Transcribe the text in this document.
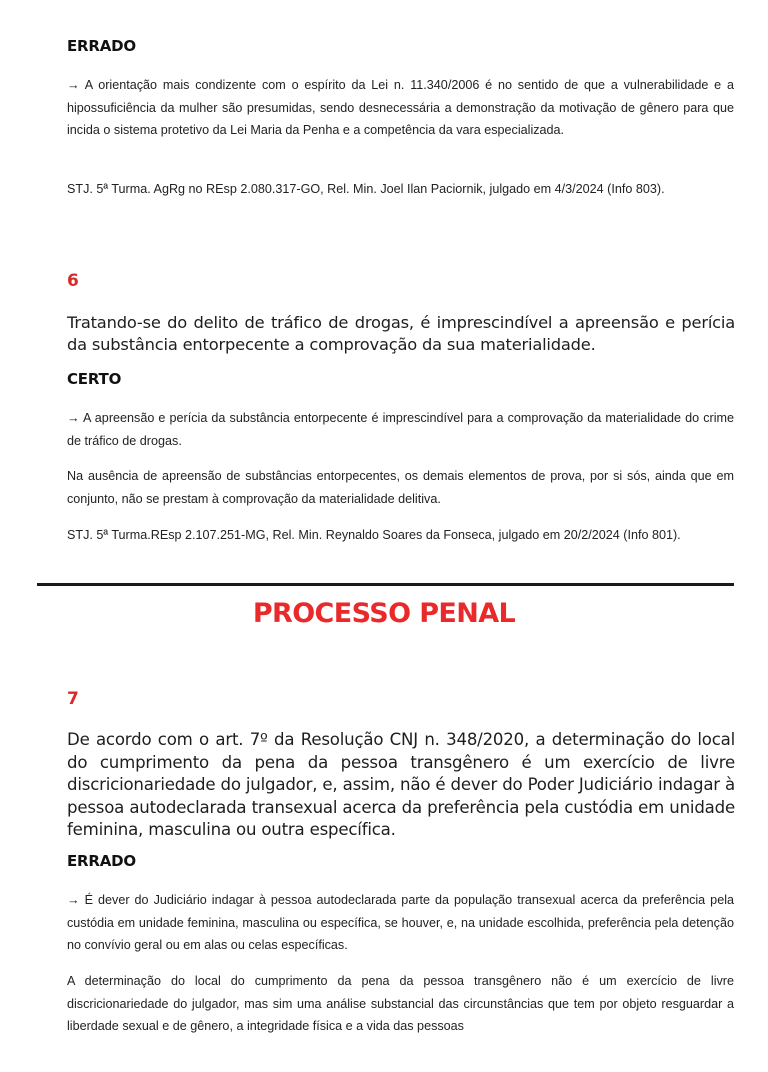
ERRADO
→ A orientação mais condizente com o espírito da Lei n. 11.340/2006 é no sentido de que a vulnerabilidade e a hipossuficiência da mulher são presumidas, sendo desnecessária a demonstração da motivação de gênero para que incida o sistema protetivo da Lei Maria da Penha e a competência da vara especializada.
STJ. 5ª Turma. AgRg no REsp 2.080.317-GO, Rel. Min. Joel Ilan Paciornik, julgado em 4/3/2024 (Info 803).
6
Tratando-se do delito de tráfico de drogas, é imprescindível a apreensão e perícia da substância entorpecente a comprovação da sua materialidade.
CERTO
→ A apreensão e perícia da substância entorpecente é imprescindível para a comprovação da materialidade do crime de tráfico de drogas.
Na ausência de apreensão de substâncias entorpecentes, os demais elementos de prova, por si sós, ainda que em conjunto, não se prestam à comprovação da materialidade delitiva.
STJ. 5ª Turma.REsp 2.107.251-MG, Rel. Min. Reynaldo Soares da Fonseca, julgado em 20/2/2024 (Info 801).
PROCESSO PENAL
7
De acordo com o art. 7º da Resolução CNJ n. 348/2020, a determinação do local do cumprimento da pena da pessoa transgênero é um exercício de livre discricionariedade do julgador, e, assim, não é dever do Poder Judiciário indagar à pessoa autodeclarada transexual acerca da preferência pela custódia em unidade feminina, masculina ou outra específica.
ERRADO
→ É dever do Judiciário indagar à pessoa autodeclarada parte da população transexual acerca da preferência pela custódia em unidade feminina, masculina ou específica, se houver, e, na unidade escolhida, preferência pela detenção no convívio geral ou em alas ou celas específicas.
A determinação do local do cumprimento da pena da pessoa transgênero não é um exercício de livre discricionariedade do julgador, mas sim uma análise substancial das circunstâncias que tem por objeto resguardar a liberdade sexual e de gênero, a integridade física e a vida das pessoas
